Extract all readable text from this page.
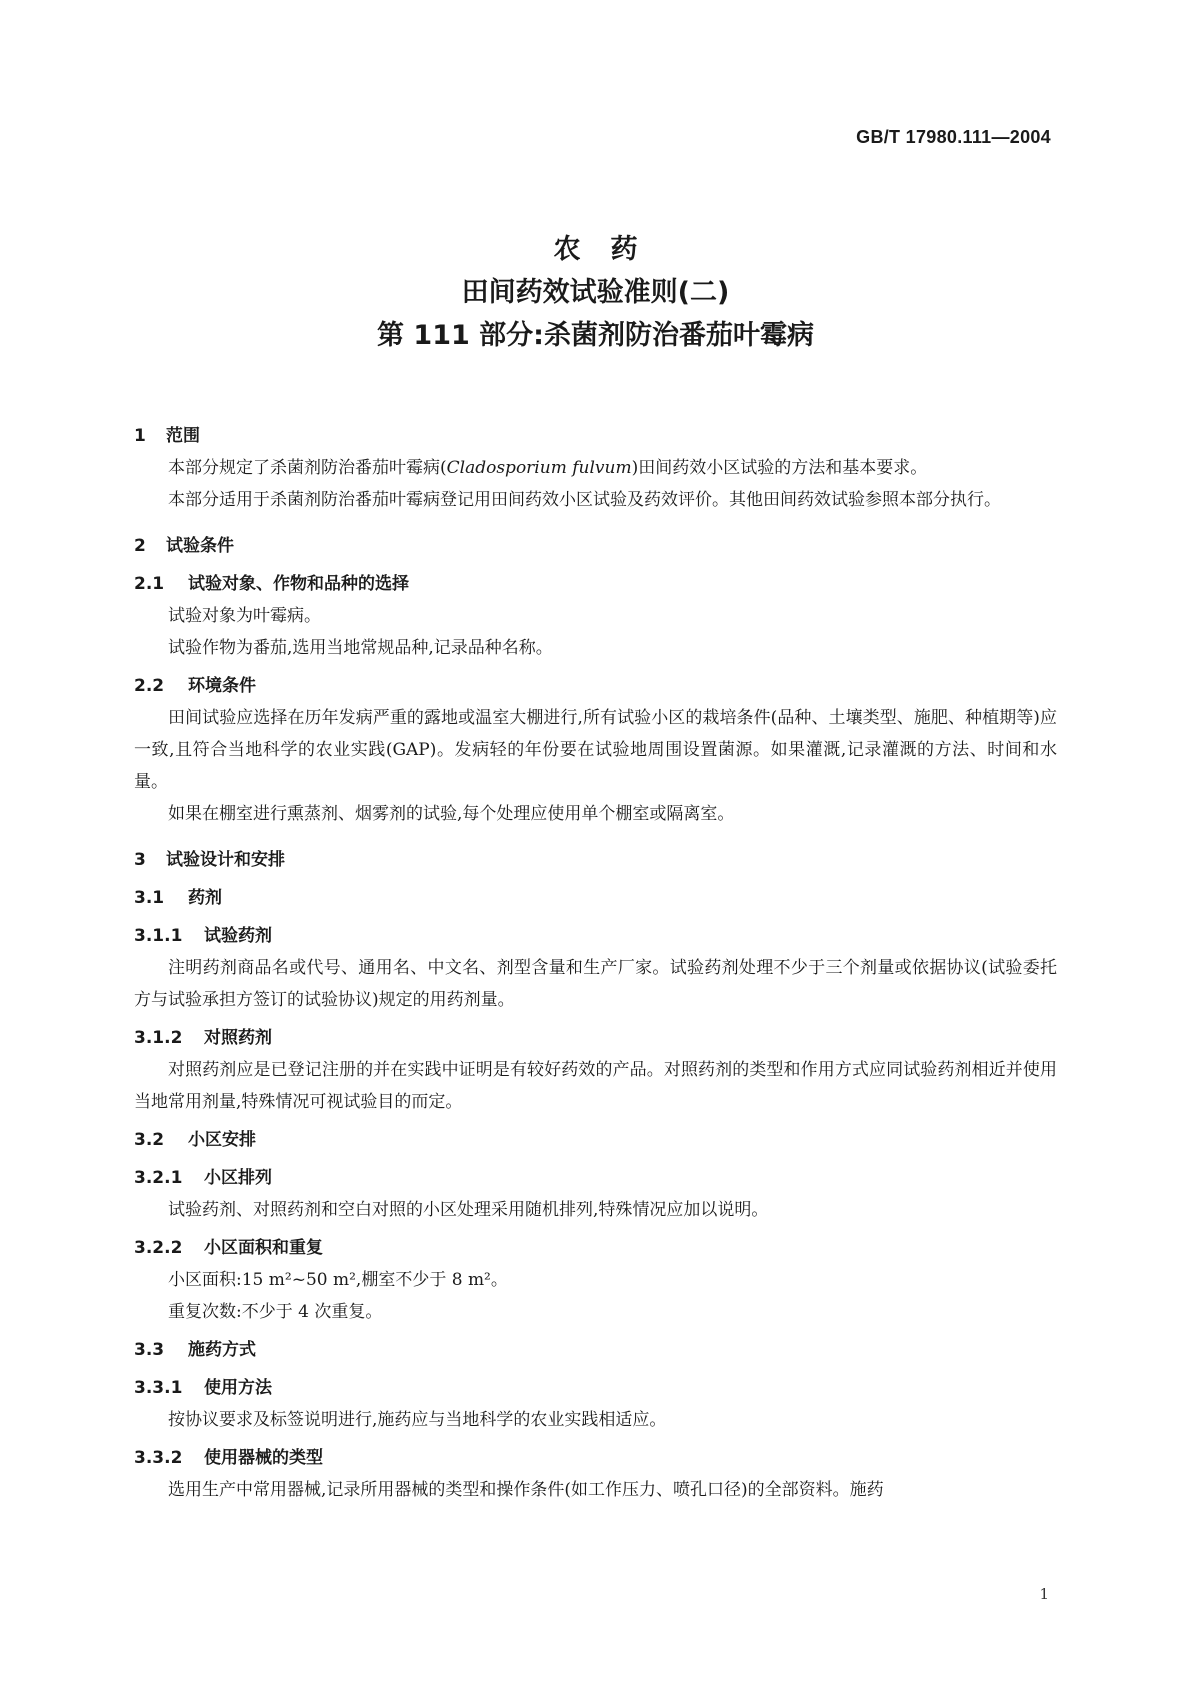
GB/T 17980.111—2004
农药
田间药效试验准则(二)
第 111 部分:杀菌剂防治番茄叶霉病
1 范围
本部分规定了杀菌剂防治番茄叶霉病(Cladosporium fulvum)田间药效小区试验的方法和基本要求。
本部分适用于杀菌剂防治番茄叶霉病登记用田间药效小区试验及药效评价。其他田间药效试验参照本部分执行。
2 试验条件
2.1 试验对象、作物和品种的选择
试验对象为叶霉病。
试验作物为番茄,选用当地常规品种,记录品种名称。
2.2 环境条件
田间试验应选择在历年发病严重的露地或温室大棚进行,所有试验小区的栽培条件(品种、土壤类型、施肥、种植期等)应一致,且符合当地科学的农业实践(GAP)。发病轻的年份要在试验地周围设置菌源。如果灌溉,记录灌溉的方法、时间和水量。
如果在棚室进行熏蒸剂、烟雾剂的试验,每个处理应使用单个棚室或隔离室。
3 试验设计和安排
3.1 药剂
3.1.1 试验药剂
注明药剂商品名或代号、通用名、中文名、剂型含量和生产厂家。试验药剂处理不少于三个剂量或依据协议(试验委托方与试验承担方签订的试验协议)规定的用药剂量。
3.1.2 对照药剂
对照药剂应是已登记注册的并在实践中证明是有较好药效的产品。对照药剂的类型和作用方式应同试验药剂相近并使用当地常用剂量,特殊情况可视试验目的而定。
3.2 小区安排
3.2.1 小区排列
试验药剂、对照药剂和空白对照的小区处理采用随机排列,特殊情况应加以说明。
3.2.2 小区面积和重复
小区面积:15 m²~50 m²,棚室不少于 8 m²。
重复次数:不少于 4 次重复。
3.3 施药方式
3.3.1 使用方法
按协议要求及标签说明进行,施药应与当地科学的农业实践相适应。
3.3.2 使用器械的类型
选用生产中常用器械,记录所用器械的类型和操作条件(如工作压力、喷孔口径)的全部资料。施药
1
